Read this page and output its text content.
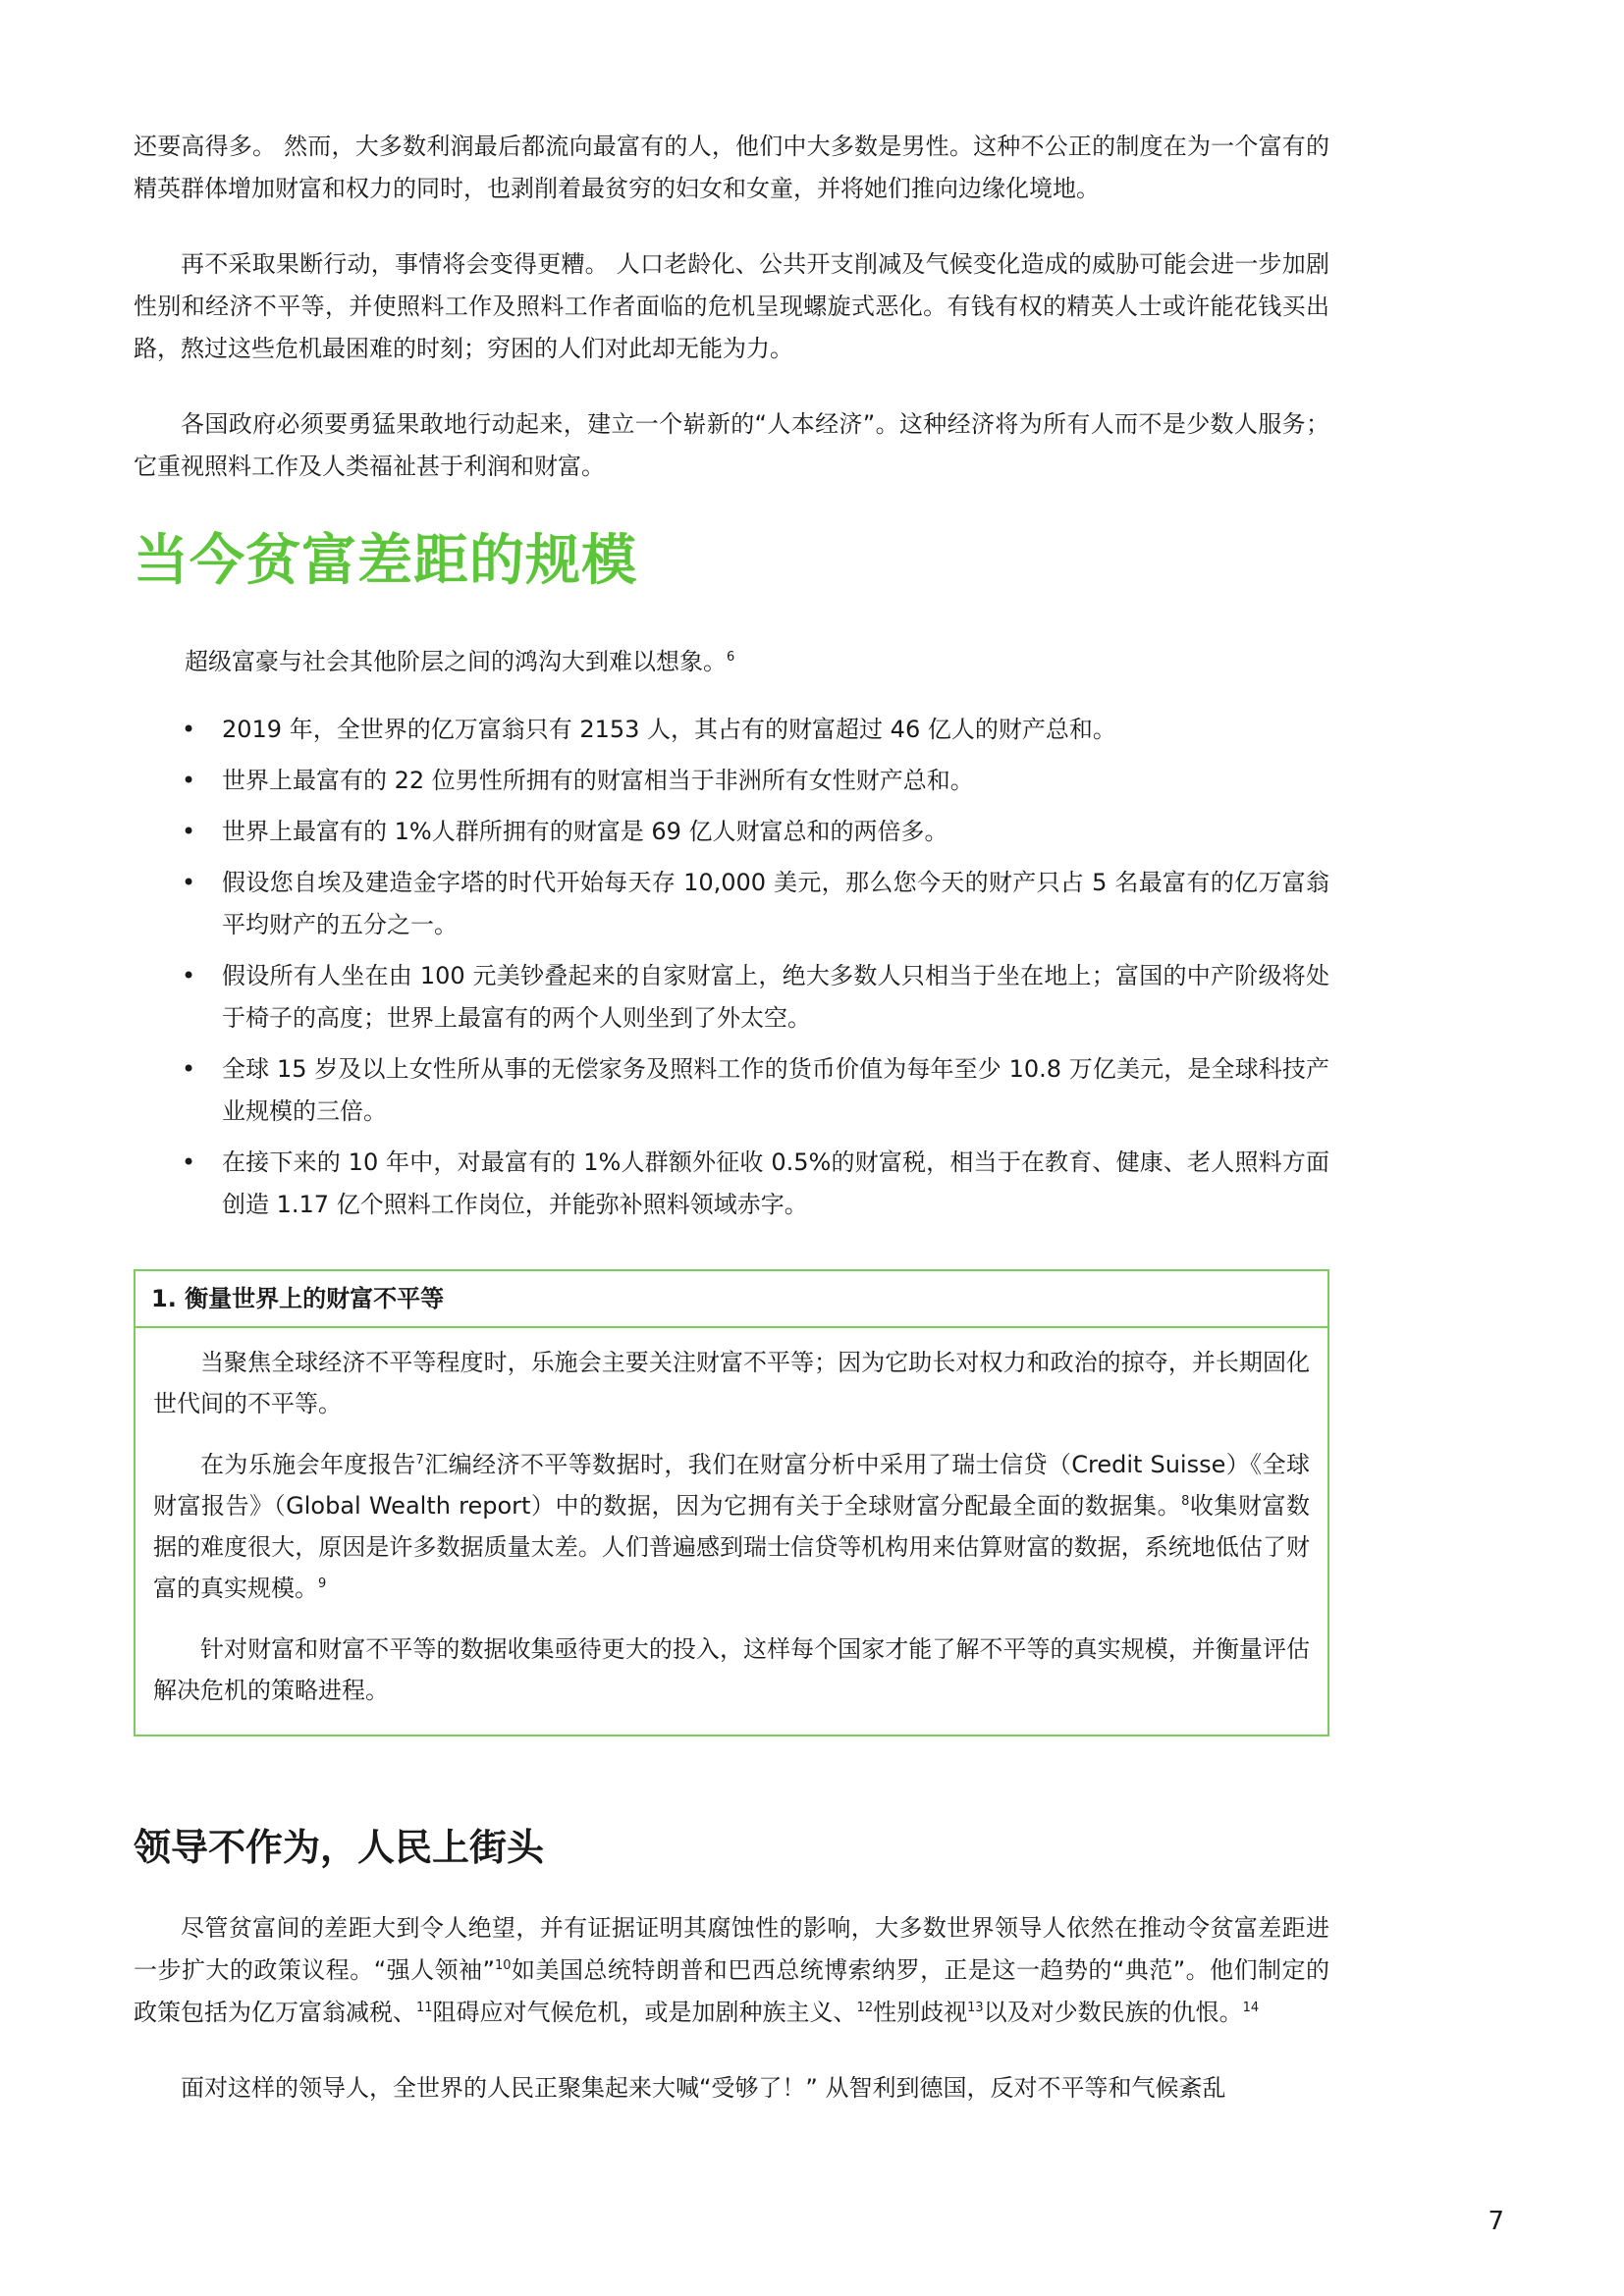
还要高得多。 然而，大多数利润最后都流向最富有的人，他们中大多数是男性。这种不公正的制度在为一个富有的精英群体增加财富和权力的同时，也剥削着最贫穷的妇女和女童，并将她们推向边缘化境地。

再不采取果断行动，事情将会变得更糟。 人口老龄化、公共开支削减及气候变化造成的威胁可能会进一步加剧性别和经济不平等，并使照料工作及照料工作者面临的危机呈现螺旋式恶化。有钱有权的精英人士或许能花钱买出路，熬过这些危机最困难的时刻；穷困的人们对此却无能为力。

各国政府必须要勇猛果敢地行动起来，建立一个崭新的“人本经济”。这种经济将为所有人而不是少数人服务；它重视照料工作及人类福祉甚于利润和财富。

当今贫富差距的规模

超级富豪与社会其他阶层之间的鸿沟大到难以想象。$^6$

• 2019 年，全世界的亿万富翁只有 2153 人，其占有的财富超过 46 亿人的财产总和。
• 世界上最富有的 22 位男性所拥有的财富相当于非洲所有女性财产总和。
• 世界上最富有的 1%人群所拥有的财富是 69 亿人财富总和的两倍多。
• 假设您自埃及建造金字塔的时代开始每天存 10,000 美元，那么您今天的财产只占 5 名最富有的亿万富翁平均财产的五分之一。
• 假设所有人坐在由 100 元美钞叠起来的自家财富上，绝大多数人只相当于坐在地上；富国的中产阶级将处于椅子的高度；世界上最富有的两个人则坐到了外太空。
• 全球 15 岁及以上女性所从事的无偿家务及照料工作的货币价值为每年至少 10.8 万亿美元，是全球科技产业规模的三倍。
• 在接下来的 10 年中，对最富有的 1%人群额外征收 0.5%的财富税，相当于在教育、健康、老人照料方面创造 1.17 亿个照料工作岗位，并能弥补照料领域赤字。
1. 衡量世界上的财富不平等

当聚焦全球经济不平等程度时，乐施会主要关注财富不平等；因为它助长对权力和政治的掠夺，并长期固化世代间的不平等。

在为乐施会年度报告$^7$汇编经济不平等数据时，我们在财富分析中采用了瑞士信贷（Credit Suisse）《全球财富报告》（Global Wealth report）中的数据，因为它拥有关于全球财富分配最全面的数据集。$^8$收集财富数据的难度很大，原因是许多数据质量太差。人们普遍感到瑞士信贷等机构用来估算财富的数据，系统地低估了财富的真实规模。$^9$

针对财富和财富不平等的数据收集亟待更大的投入，这样每个国家才能了解不平等的真实规模，并衡量评估解决危机的策略进程。

领导不作为，人民上街头

尽管贫富间的差距大到令人绝望，并有证据证明其腐蚀性的影响，大多数世界领导人依然在推动令贫富差距进一步扩大的政策议程。“强人领袖”$^{10}$如美国总统特朗普和巴西总统博索纳罗，正是这一趋势的“典范”。他们制定的政策包括为亿万富翁减税、$^{11}$阻碍应对气候危机，或是加剧种族主义、$^{12}$性别歧视$^{13}$以及对少数民族的仇恨。$^{14}$

面对这样的领导人，全世界的人民正聚集起来大喊“受够了！” 从智利到德国，反对不平等和气候紊乱

7
